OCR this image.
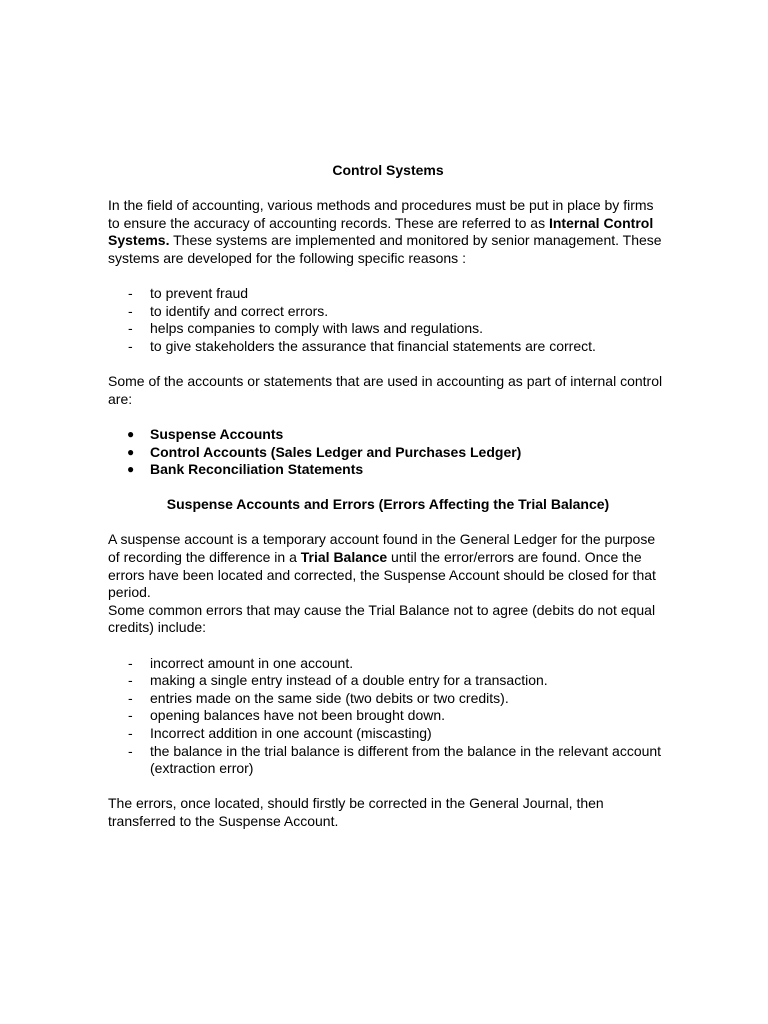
Control Systems

In the field of accounting, various methods and procedures must be put in place by firms to ensure the accuracy of accounting records. These are referred to as Internal Control Systems. These systems are implemented and monitored by senior management. These systems are developed for the following specific reasons :

- to prevent fraud
- to identify and correct errors.
- helps companies to comply with laws and regulations.
- to give stakeholders the assurance that financial statements are correct.

Some of the accounts or statements that are used in accounting as part of internal control are:

● Suspense Accounts
● Control Accounts (Sales Ledger and Purchases Ledger)
● Bank Reconciliation Statements

Suspense Accounts and Errors (Errors Affecting the Trial Balance)

A suspense account is a temporary account found in the General Ledger for the purpose of recording the difference in a Trial Balance until the error/errors are found. Once the errors have been located and corrected, the Suspense Account should be closed for that period.

Some common errors that may cause the Trial Balance not to agree (debits do not equal credits) include:

- incorrect amount in one account.
- making a single entry instead of a double entry for a transaction.
- entries made on the same side (two debits or two credits).
- opening balances have not been brought down.
- Incorrect addition in one account (miscasting)
- the balance in the trial balance is different from the balance in the relevant account (extraction error)

The errors, once located, should firstly be corrected in the General Journal, then transferred to the Suspense Account.
